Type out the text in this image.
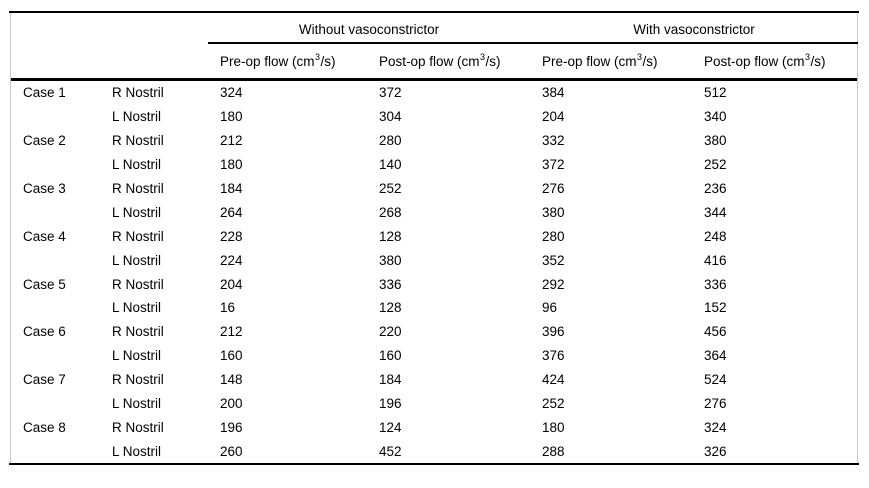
Without vasoconstrictor	With vasoconstrictor
Pre-op flow ($cm^3$ /s)	Post-op flow ($cm^3$ /s)	Pre-op flow ($cm^3$ /s)	Post-op flow ($cm^3$ /s)
Case 1	R Nostril	324	372	384	512
L Nostril	180	304	204	340
Case 2	R Nostril	212	280	332	380
L Nostril	180	140	372	252
Case 3	R Nostril	184	252	276	236
L Nostril	264	268	380	344
Case 4	R Nostril	228	128	280	248
L Nostril	224	380	352	416
Case 5	R Nostril	204	336	292	336
L Nostril	16	128	96	152
Case 6	R Nostril	212	220	396	456
L Nostril	160	160	376	364
Case 7	R Nostril	148	184	424	524
L Nostril	200	196	252	276
Case 8	R Nostril	196	124	180	324
L Nostril	260	452	288	326
